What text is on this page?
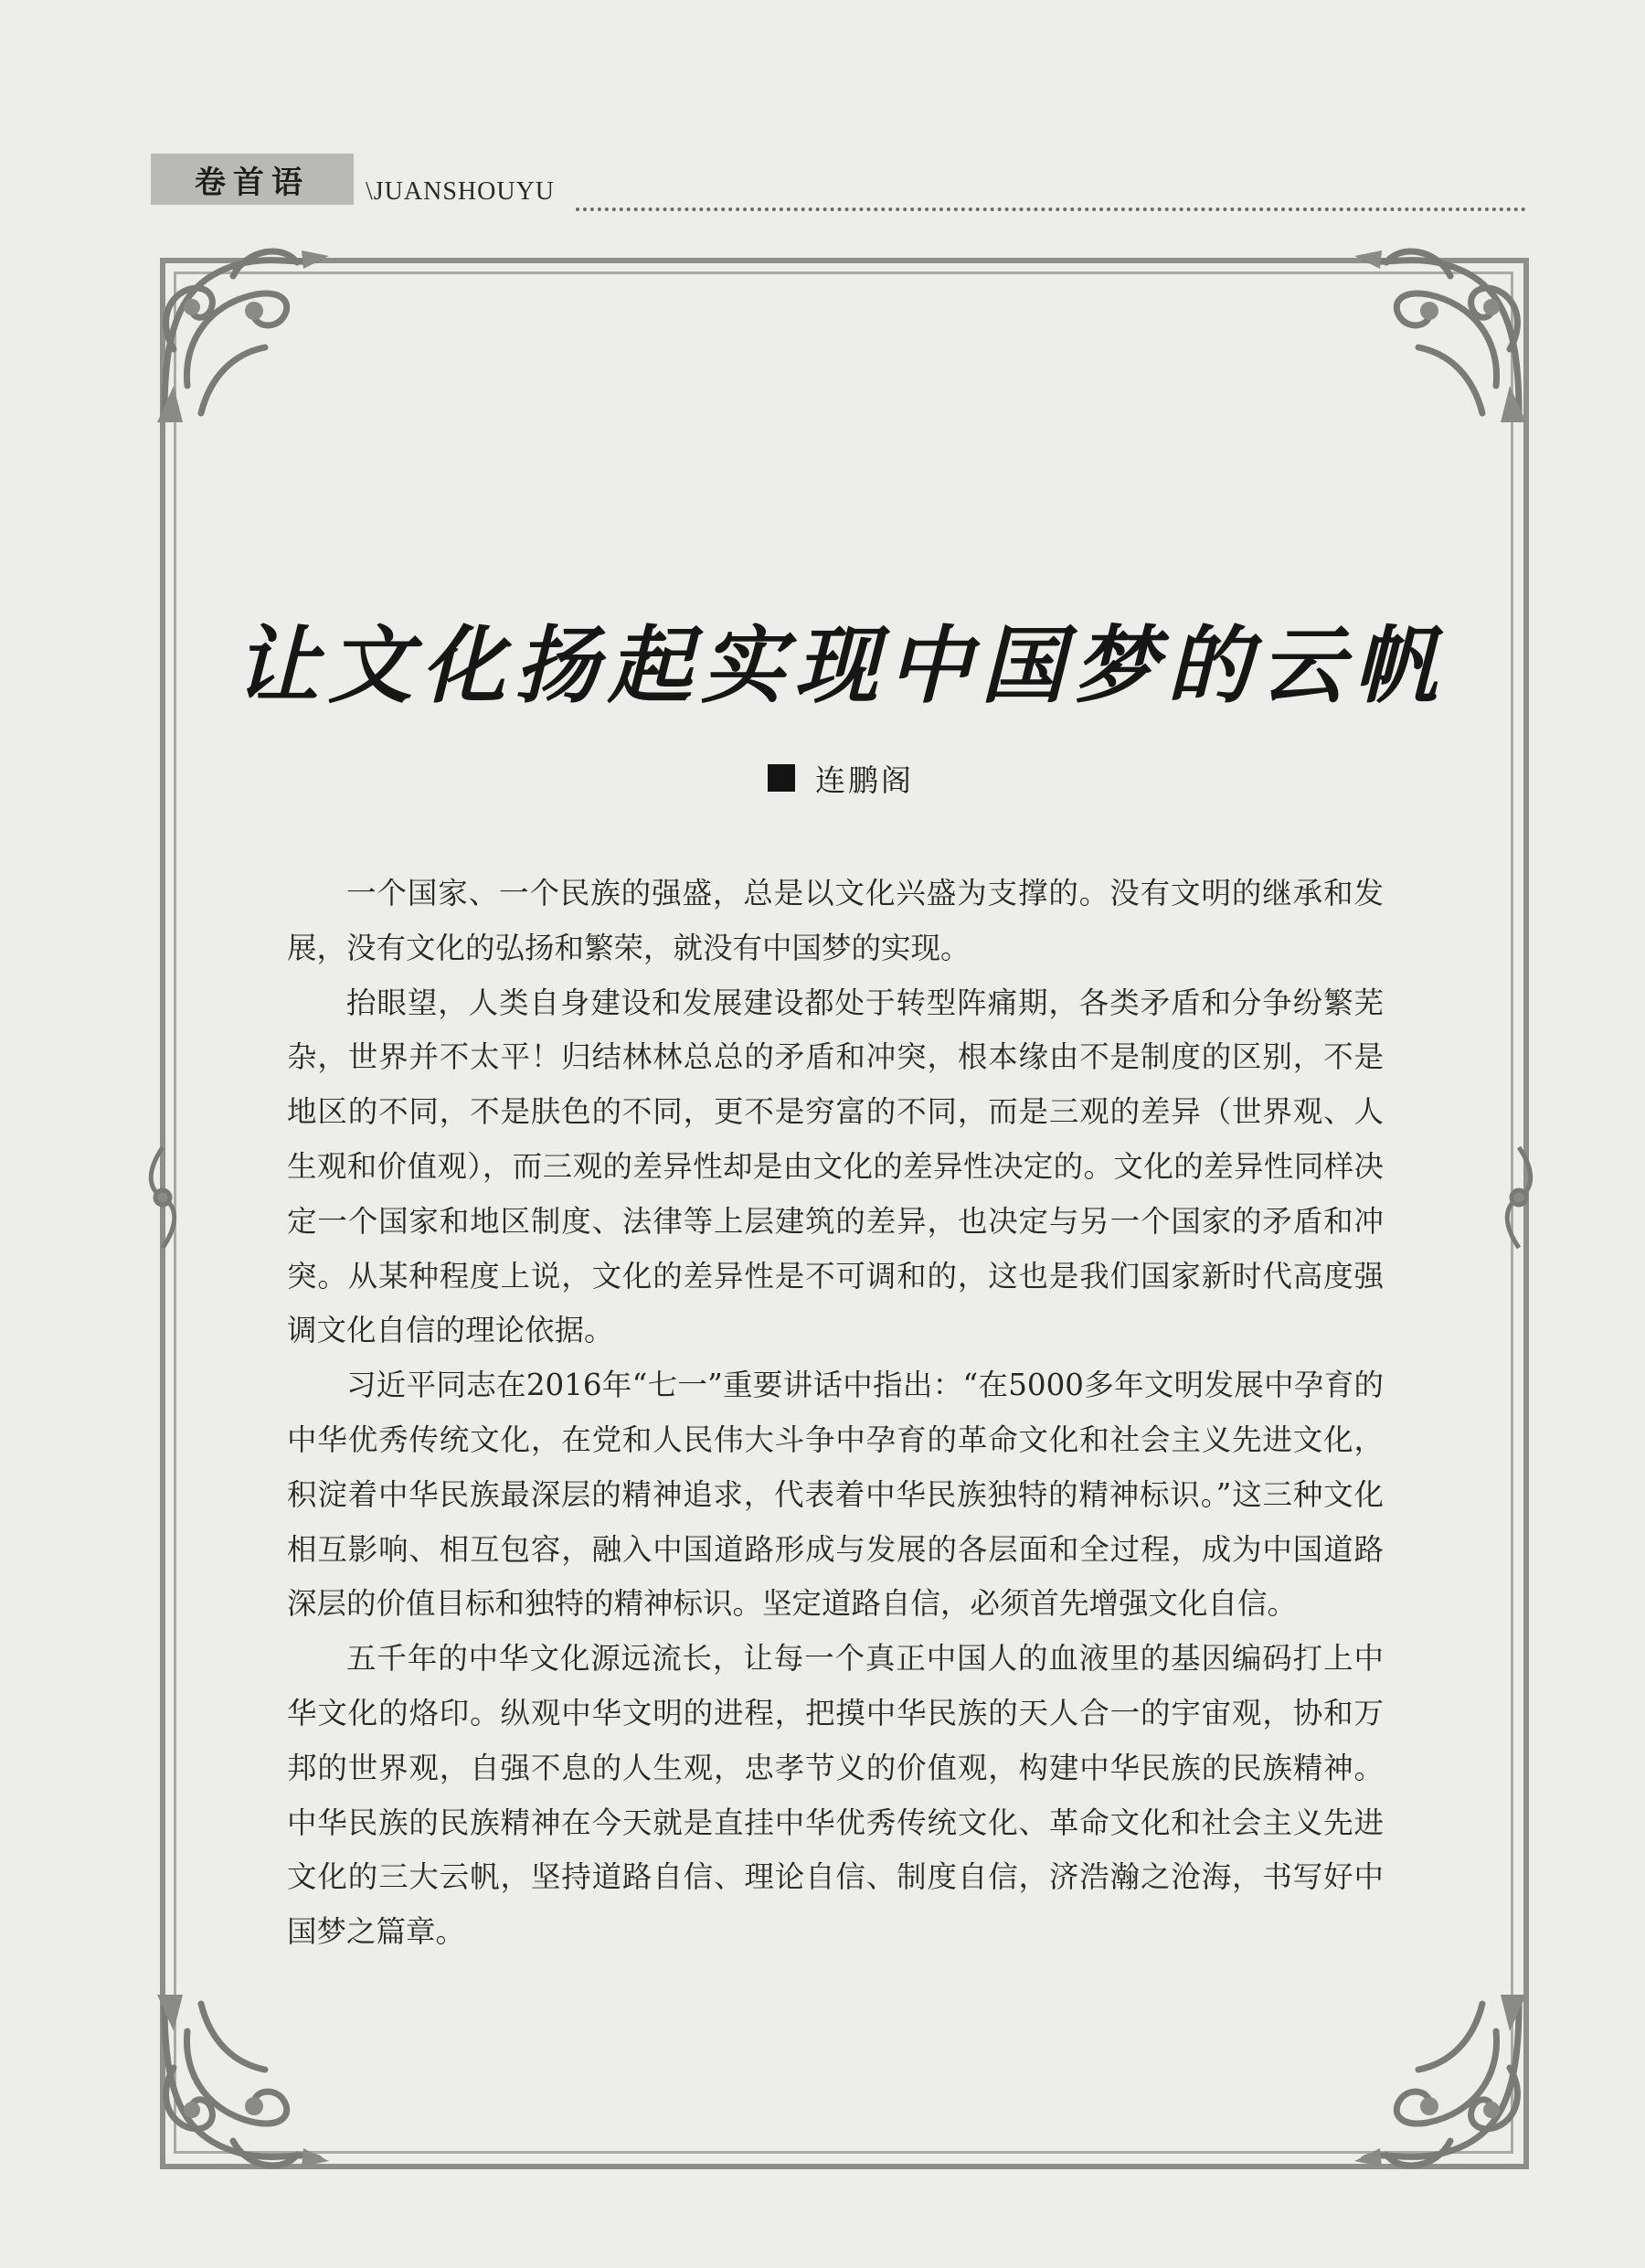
卷首语 \JUANSHOUYU
让文化扬起实现中国梦的云帆
连鹏阁

一个国家、一个民族的强盛，总是以文化兴盛为支撑的。没有文明的继承和发展，没有文化的弘扬和繁荣，就没有中国梦的实现。

抬眼望，人类自身建设和发展建设都处于转型阵痛期，各类矛盾和分争纷繁芜杂，世界并不太平！归结林林总总的矛盾和冲突，根本缘由不是制度的区别，不是地区的不同，不是肤色的不同，更不是穷富的不同，而是三观的差异（世界观、人生观和价值观），而三观的差异性却是由文化的差异性决定的。文化的差异性同样决定一个国家和地区制度、法律等上层建筑的差异，也决定与另一个国家的矛盾和冲突。从某种程度上说，文化的差异性是不可调和的，这也是我们国家新时代高度强调文化自信的理论依据。

习近平同志在2016年“七一”重要讲话中指出：“在5000多年文明发展中孕育的中华优秀传统文化，在党和人民伟大斗争中孕育的革命文化和社会主义先进文化，积淀着中华民族最深层的精神追求，代表着中华民族独特的精神标识。”这三种文化相互影响、相互包容，融入中国道路形成与发展的各层面和全过程，成为中国道路深层的价值目标和独特的精神标识。坚定道路自信，必须首先增强文化自信。

五千年的中华文化源远流长，让每一个真正中国人的血液里的基因编码打上中华文化的烙印。纵观中华文明的进程，把摸中华民族的天人合一的宇宙观，协和万邦的世界观，自强不息的人生观，忠孝节义的价值观，构建中华民族的民族精神。中华民族的民族精神在今天就是直挂中华优秀传统文化、革命文化和社会主义先进文化的三大云帆，坚持道路自信、理论自信、制度自信，济浩瀚之沧海，书写好中国梦之篇章。
